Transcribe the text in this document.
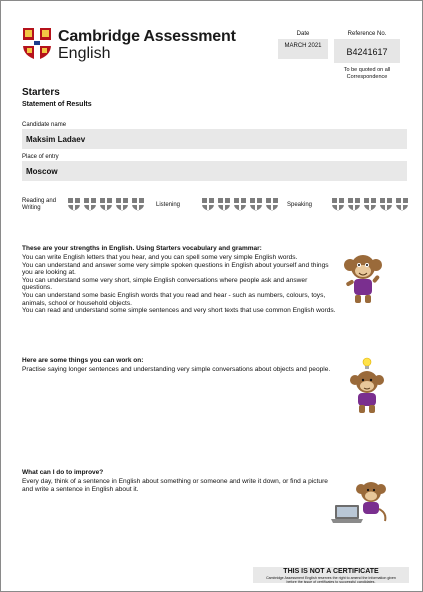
Cambridge Assessment
English
Date
MARCH 2021
Reference No.
B4241617
To be quoted on all
Correspondence
Starters
Statement of Results
Candidate name
Maksim Ladaev
Place of entry
Moscow
Reading and
Writing	Listening	Speaking
These are your strengths in English. Using Starters vocabulary and grammar:

You can write English letters that you hear, and you can spell some very simple English words.

You can understand and answer some very simple spoken questions in English about yourself and things you are looking at.

You can understand some very short, simple English conversations where people ask and answer questions.

You can understand some basic English words that you read and hear - such as numbers, colours, toys, animals, school or household objects.

You can read and understand some simple sentences and very short texts that use common English words.

Here are some things you can work on:

Practise saying longer sentences and understanding very simple conversations about objects and people.

What can I do to improve?

Every day, think of a sentence in English about something or someone and write it down, or find a picture and write a sentence in English about it.

THIS IS NOT A CERTIFICATE
Cambridge Assessment English reserves the right to amend the information given
before the issue of certificates to successful candidates.
